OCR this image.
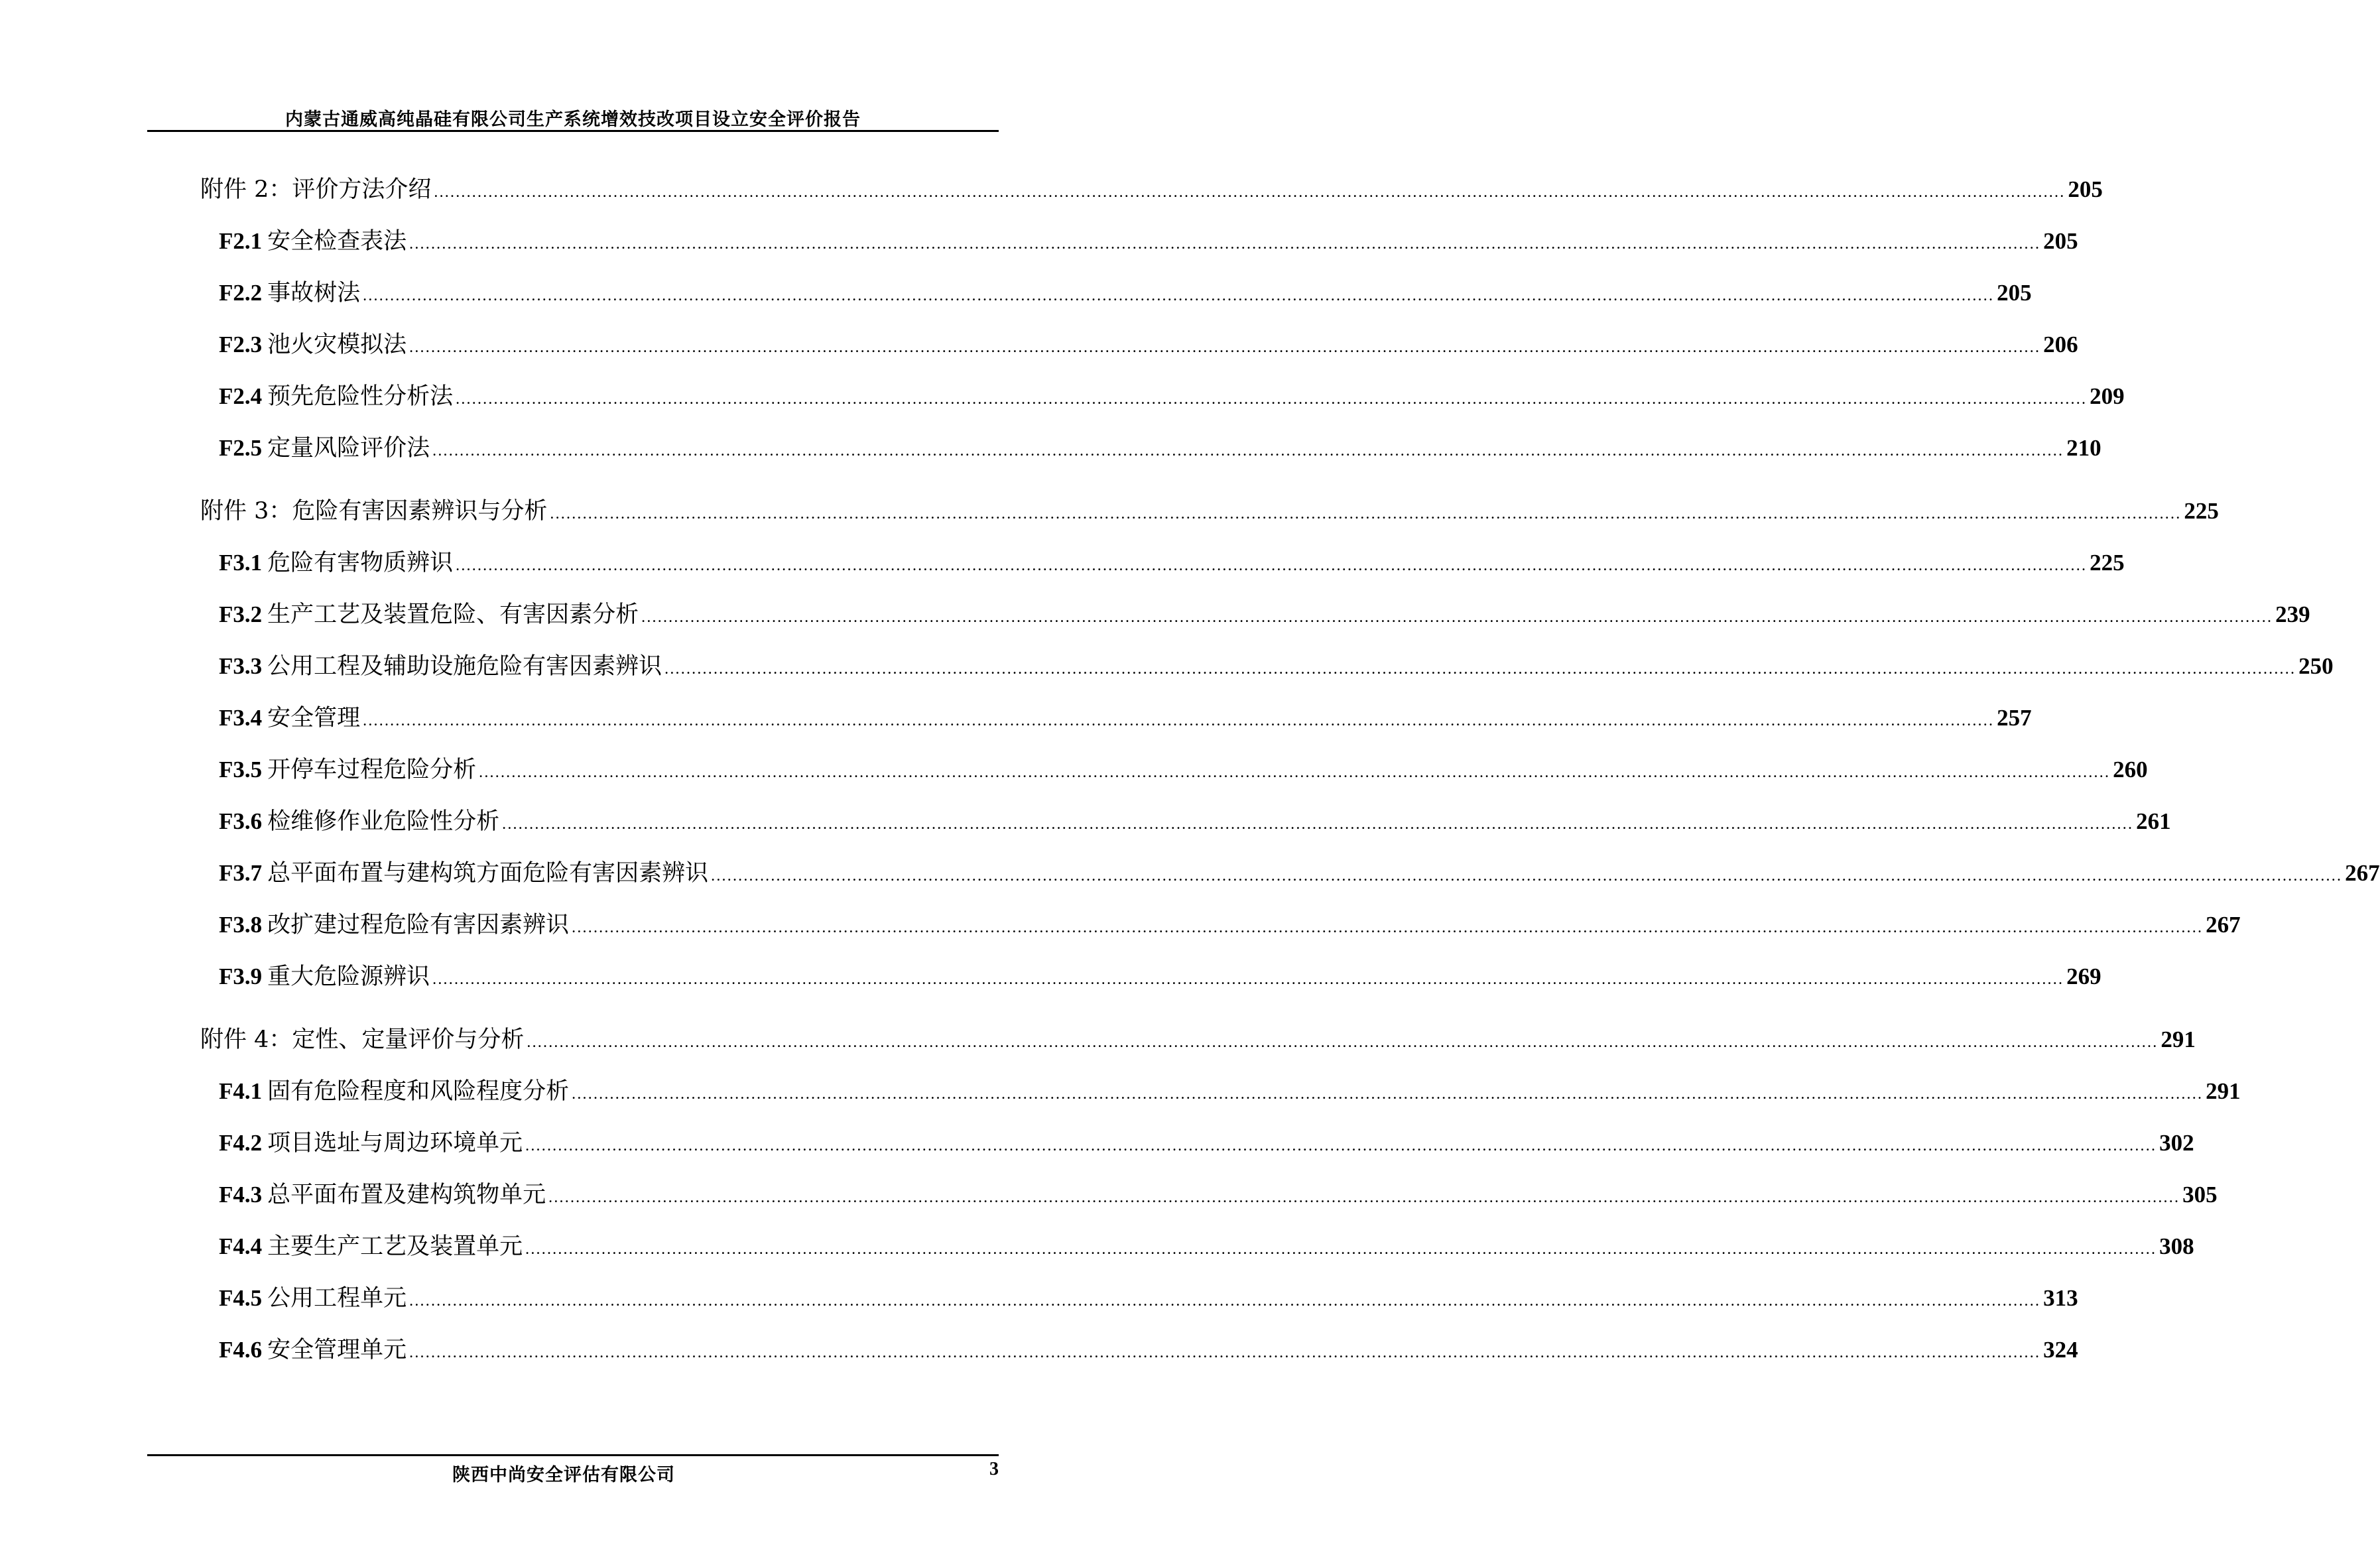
内蒙古通威高纯晶硅有限公司生产系统增效技改项目设立安全评价报告
附件 2：评价方法介绍 ............................................................................................................................................................................................................................................................................................................ 205
F2.1 安全检查表法 ............................................................................................................................................................................................................................................................................................................ 205
F2.2 事故树法 ............................................................................................................................................................................................................................................................................................................ 205
F2.3 池火灾模拟法 ............................................................................................................................................................................................................................................................................................................ 206
F2.4 预先危险性分析法 ............................................................................................................................................................................................................................................................................................................ 209
F2.5 定量风险评价法 ............................................................................................................................................................................................................................................................................................................ 210
附件 3：危险有害因素辨识与分析 ............................................................................................................................................................................................................................................................................................................ 225
F3.1 危险有害物质辨识 ............................................................................................................................................................................................................................................................................................................ 225
F3.2 生产工艺及装置危险、有害因素分析 ............................................................................................................................................................................................................................................................................................................ 239
F3.3 公用工程及辅助设施危险有害因素辨识 ............................................................................................................................................................................................................................................................................................................ 250
F3.4 安全管理 ............................................................................................................................................................................................................................................................................................................ 257
F3.5 开停车过程危险分析 ............................................................................................................................................................................................................................................................................................................ 260
F3.6 检维修作业危险性分析 ............................................................................................................................................................................................................................................................................................................ 261
F3.7 总平面布置与建构筑方面危险有害因素辨识 ............................................................................................................................................................................................................................................................................................................ 267
F3.8 改扩建过程危险有害因素辨识 ............................................................................................................................................................................................................................................................................................................ 267
F3.9 重大危险源辨识 ............................................................................................................................................................................................................................................................................................................ 269
附件 4：定性、定量评价与分析 ............................................................................................................................................................................................................................................................................................................ 291
F4.1 固有危险程度和风险程度分析 ............................................................................................................................................................................................................................................................................................................ 291
F4.2 项目选址与周边环境单元 ............................................................................................................................................................................................................................................................................................................ 302
F4.3 总平面布置及建构筑物单元 ............................................................................................................................................................................................................................................................................................................ 305
F4.4 主要生产工艺及装置单元 ............................................................................................................................................................................................................................................................................................................ 308
F4.5 公用工程单元 ............................................................................................................................................................................................................................................................................................................ 313
F4.6 安全管理单元 ............................................................................................................................................................................................................................................................................................................ 324
陕西中尚安全评估有限公司	3
